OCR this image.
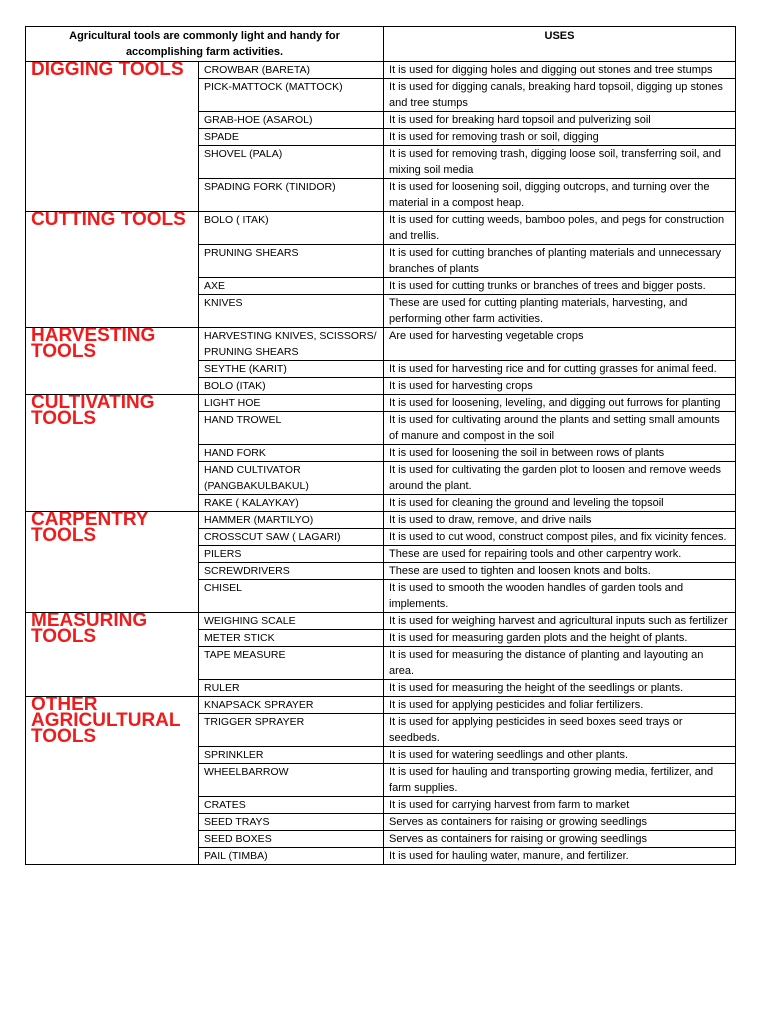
Agricultural tools are commonly light and handy for accomplishing farm activities.		USES
DIGGING TOOLS	CROWBAR (BARETA)	It is used for digging holes and digging out stones and tree stumps
	PICK-MATTOCK (MATTOCK)	It is used for digging canals, breaking hard topsoil, digging up stones and tree stumps
	GRAB-HOE (ASAROL)	It is used for breaking hard topsoil and pulverizing soil
	SPADE	It is used for removing trash or soil, digging
	SHOVEL (PALA)	It is used for removing trash, digging loose soil, transferring soil, and mixing soil media
	SPADING FORK (TINIDOR)	It is used for loosening soil, digging outcrops, and turning over the material in a compost heap.
CUTTING TOOLS	BOLO ( ITAK)	It is used for cutting weeds, bamboo poles, and pegs for construction and trellis.
	PRUNING SHEARS	It is used for cutting branches of planting materials and unnecessary branches of plants
	AXE	It is used for cutting trunks or branches of trees and bigger posts.
	KNIVES	These are used for cutting planting materials, harvesting, and performing other farm activities.
HARVESTING TOOLS	HARVESTING KNIVES, SCISSORS/ PRUNING SHEARS	Are used for harvesting vegetable crops
	SEYTHE (KARIT)	It is used for harvesting rice and for cutting grasses for animal feed.
	BOLO (ITAK)	It is used for harvesting crops
CULTIVATING TOOLS	LIGHT HOE	It is used for loosening, leveling, and digging out furrows for planting
	HAND TROWEL	It is used for cultivating around the plants and setting small amounts of manure and compost in the soil
	HAND FORK	It is used for loosening the soil in between rows of plants
	HAND CULTIVATOR (PANGBAKULBAKUL)	It is used for cultivating the garden plot to loosen and remove weeds around the plant.
	RAKE ( KALAYKAY)	It is used for cleaning the ground and leveling the topsoil
CARPENTRY TOOLS	HAMMER (MARTILYO)	It is used to draw, remove, and drive nails
	CROSSCUT SAW ( LAGARI)	It is used to cut wood, construct compost piles, and fix vicinity fences.
	PILERS	These are used for repairing tools and other carpentry work.
	SCREWDRIVERS	These are used to tighten and loosen knots and bolts.
	CHISEL	It is used to smooth the wooden handles of garden tools and implements.
MEASURING TOOLS	WEIGHING SCALE	It is used for weighing harvest and agricultural inputs such as fertilizer
	METER STICK	It is used for measuring garden plots and the height of plants.
	TAPE MEASURE	It is used for measuring the distance of planting and layouting an area.
	RULER	It is used for measuring the height of the seedlings or plants.
OTHER AGRICULTURAL TOOLS	KNAPSACK SPRAYER	It is used for applying pesticides and foliar fertilizers.
	TRIGGER SPRAYER	It is used for applying pesticides in seed boxes seed trays or seedbeds.
	SPRINKLER	It is used for watering seedlings and other plants.
	WHEELBARROW	It is used for hauling and transporting growing media, fertilizer, and farm supplies.
	CRATES	It is used for carrying harvest from farm to market
	SEED TRAYS	Serves as containers for raising or growing seedlings
	SEED BOXES	Serves as containers for raising or growing seedlings
	PAIL (TIMBA)	It is used for hauling water, manure, and fertilizer.
